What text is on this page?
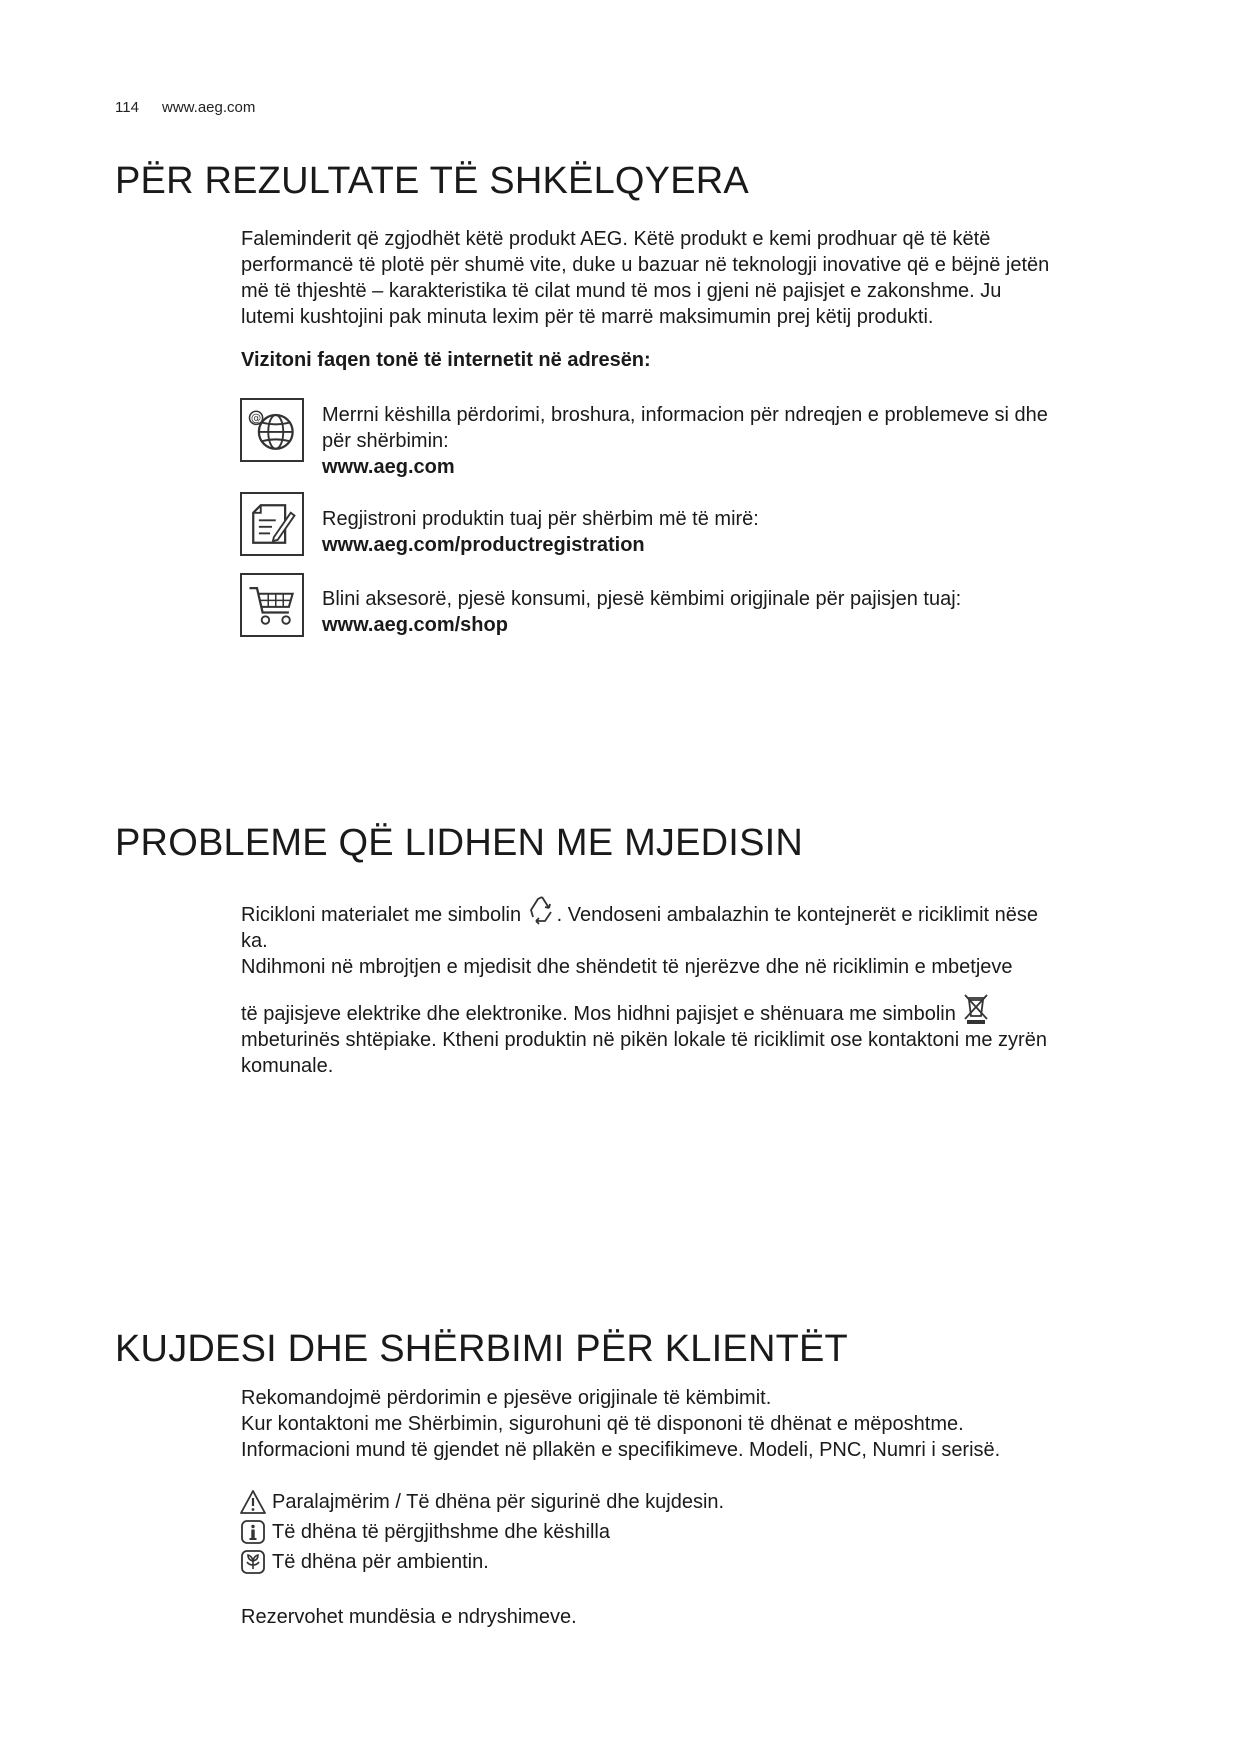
114 www.aeg.com
PËR REZULTATE TË SHKËLQYERA
Faleminderit që zgjodhët këtë produkt AEG. Këtë produkt e kemi prodhuar që të këtë
performancë të plotë për shumë vite, duke u bazuar në teknologji inovative që e bëjnë jetën
më të thjeshtë – karakteristika të cilat mund të mos i gjeni në pajisjet e zakonshme. Ju
lutemi kushtojini pak minuta lexim për të marrë maksimumin prej këtij produkti.
Vizitoni faqen tonë të internetit në adresën:
@	Merrni këshilla përdorimi, broshura, informacion për ndreqjen e problemeve si dhe
për shërbimin:
www.aeg.com
Regjistroni produktin tuaj për shërbim më të mirë:
www.aeg.com/productregistration
Blini aksesorë, pjesë konsumi, pjesë këmbimi origjinale për pajisjen tuaj:
www.aeg.com/shop
PROBLEME QË LIDHEN ME MJEDISIN
Ricikloni materialet me simbolin
. Vendoseni ambalazhin te kontejnerët e riciklimit nëse
ka.
Ndihmoni në mbrojtjen e mjedisit dhe shëndetit të njerëzve dhe në riciklimin e mbetjeve
të pajisjeve elektrike dhe elektronike. Mos hidhni pajisjet e shënuara me simbolin
mbeturinës shtëpiake. Ktheni produktin në pikën lokale të riciklimit ose kontaktoni me zyrën
komunale.
KUJDESI DHE SHËRBIMI PËR KLIENTËT
Rekomandojmë përdorimin e pjesëve origjinale të këmbimit.
Kur kontaktoni me Shërbimin, sigurohuni që të dispononi të dhënat e mëposhtme.
Informacioni mund të gjendet në pllakën e specifikimeve. Modeli, PNC, Numri i serisë.
Paralajmërim / Të dhëna për sigurinë dhe kujdesin.
Të dhëna të përgjithshme dhe këshilla
Të dhëna për ambientin.
Rezervohet mundësia e ndryshimeve.
